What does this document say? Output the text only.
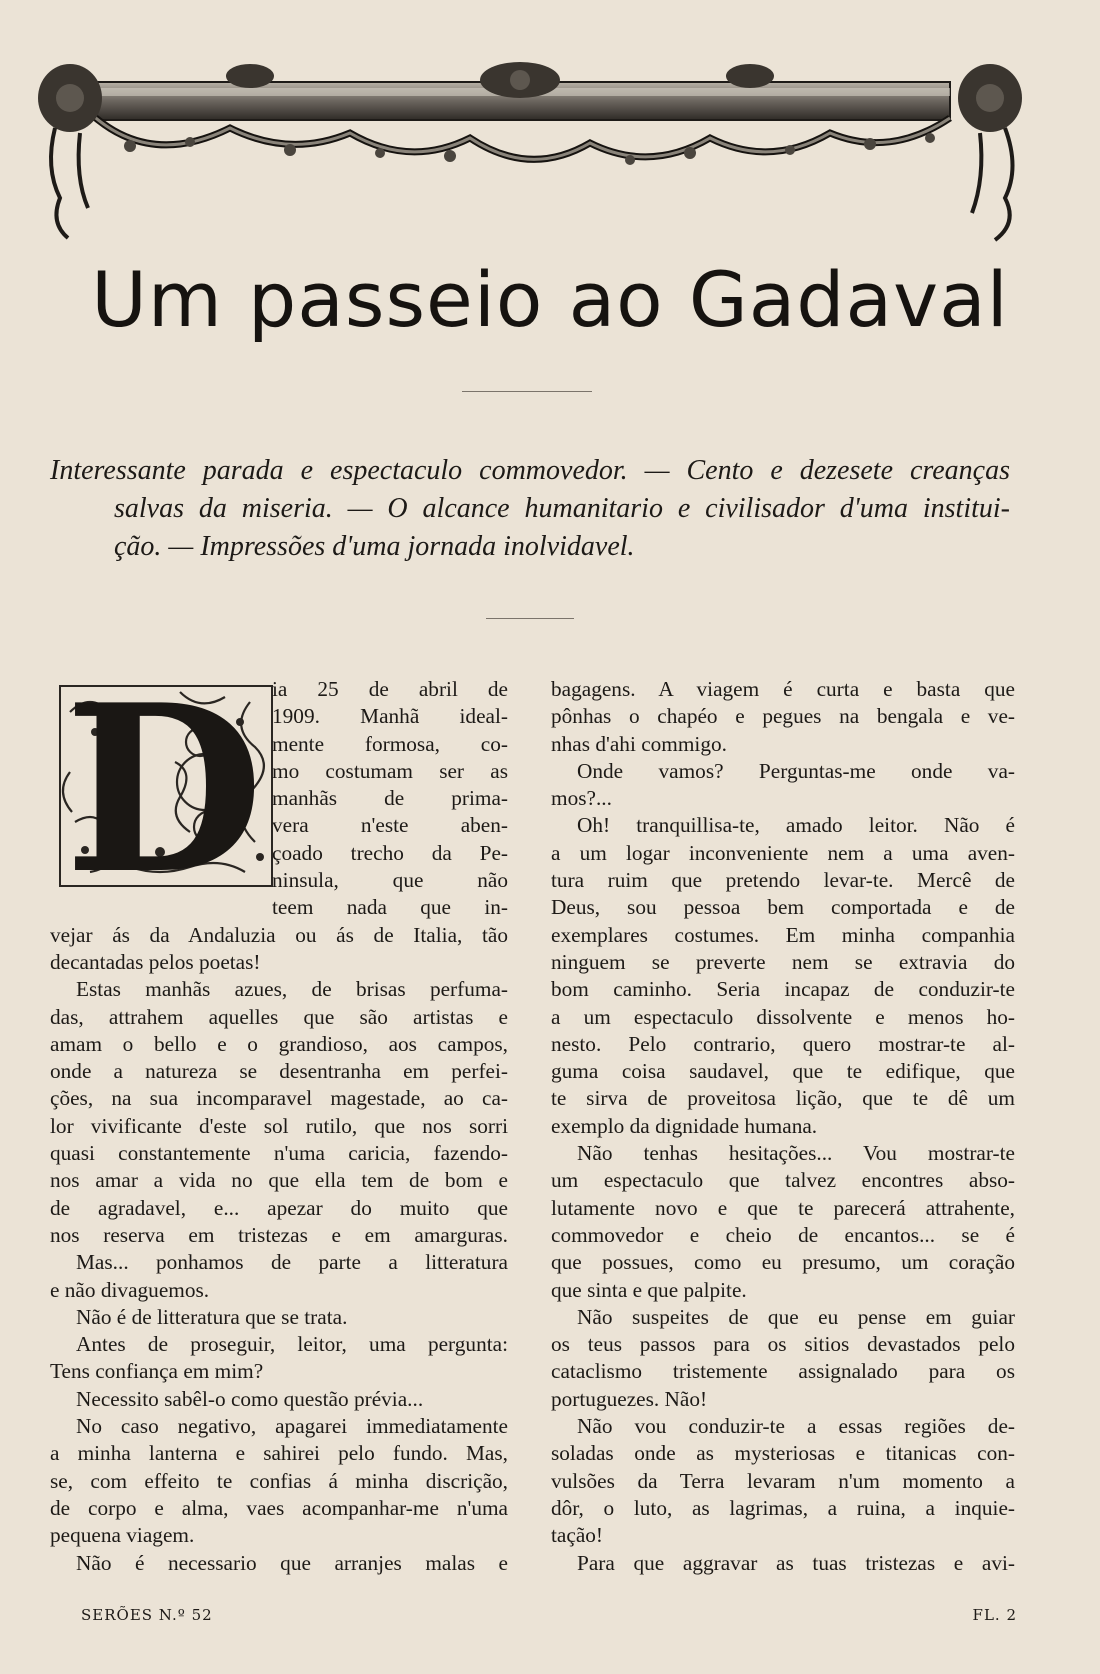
Um passeio ao Gadaval
Interessante parada e espectaculo commovedor. — Cento e dezesete creanças
salvas da miseria. — O alcance humanitario e civilisador d'uma institui-
ção. — Impressões d'uma jornada inolvidavel.
D ia 25 de abril de
1909. Manhã ideal-
mente formosa, co-
mo costumam ser as
manhãs de prima-
vera n'este aben-
çoado trecho da Pe-
ninsula, que não
teem nada que in-
vejar ás da Andaluzia ou ás de Italia, tão
decantadas pelos poetas!
Estas manhãs azues, de brisas perfuma-
das, attrahem aquelles que são artistas e
amam o bello e o grandioso, aos campos,
onde a natureza se desentranha em perfei-
ções, na sua incomparavel magestade, ao ca-
lor vivificante d'este sol rutilo, que nos sorri
quasi constantemente n'uma caricia, fazendo-
nos amar a vida no que ella tem de bom e
de agradavel, e... apezar do muito que
nos reserva em tristezas e em amarguras.
Mas... ponhamos de parte a litteratura
e não divaguemos.
Não é de litteratura que se trata.
Antes de proseguir, leitor, uma pergunta:
Tens confiança em mim?
Necessito sabêl-o como questão prévia...
No caso negativo, apagarei immediatamente
a minha lanterna e sahirei pelo fundo. Mas,
se, com effeito te confias á minha discrição,
de corpo e alma, vaes acompanhar-me n'uma
pequena viagem.
Não é necessario que arranjes malas e
bagagens. A viagem é curta e basta que
pônhas o chapéo e pegues na bengala e ve-
nhas d'ahi commigo.
Onde vamos? Perguntas-me onde va-
mos?...
Oh! tranquillisa-te, amado leitor. Não é
a um logar inconveniente nem a uma aven-
tura ruim que pretendo levar-te. Mercê de
Deus, sou pessoa bem comportada e de
exemplares costumes. Em minha companhia
ninguem se preverte nem se extravia do
bom caminho. Seria incapaz de conduzir-te
a um espectaculo dissolvente e menos ho-
nesto. Pelo contrario, quero mostrar-te al-
guma coisa saudavel, que te edifique, que
te sirva de proveitosa lição, que te dê um
exemplo da dignidade humana.
Não tenhas hesitações... Vou mostrar-te
um espectaculo que talvez encontres abso-
lutamente novo e que te parecerá attrahente,
commovedor e cheio de encantos... se é
que possues, como eu presumo, um coração
que sinta e que palpite.
Não suspeites de que eu pense em guiar
os teus passos para os sitios devastados pelo
cataclismo tristemente assignalado para os
portuguezes. Não!
Não vou conduzir-te a essas regiões de-
soladas onde as mysteriosas e titanicas con-
vulsões da Terra levaram n'um momento a
dôr, o luto, as lagrimas, a ruina, a inquie-
tação!
Para que aggravar as tuas tristezas e avi-
SERÕES N.º 52	FL. 2
